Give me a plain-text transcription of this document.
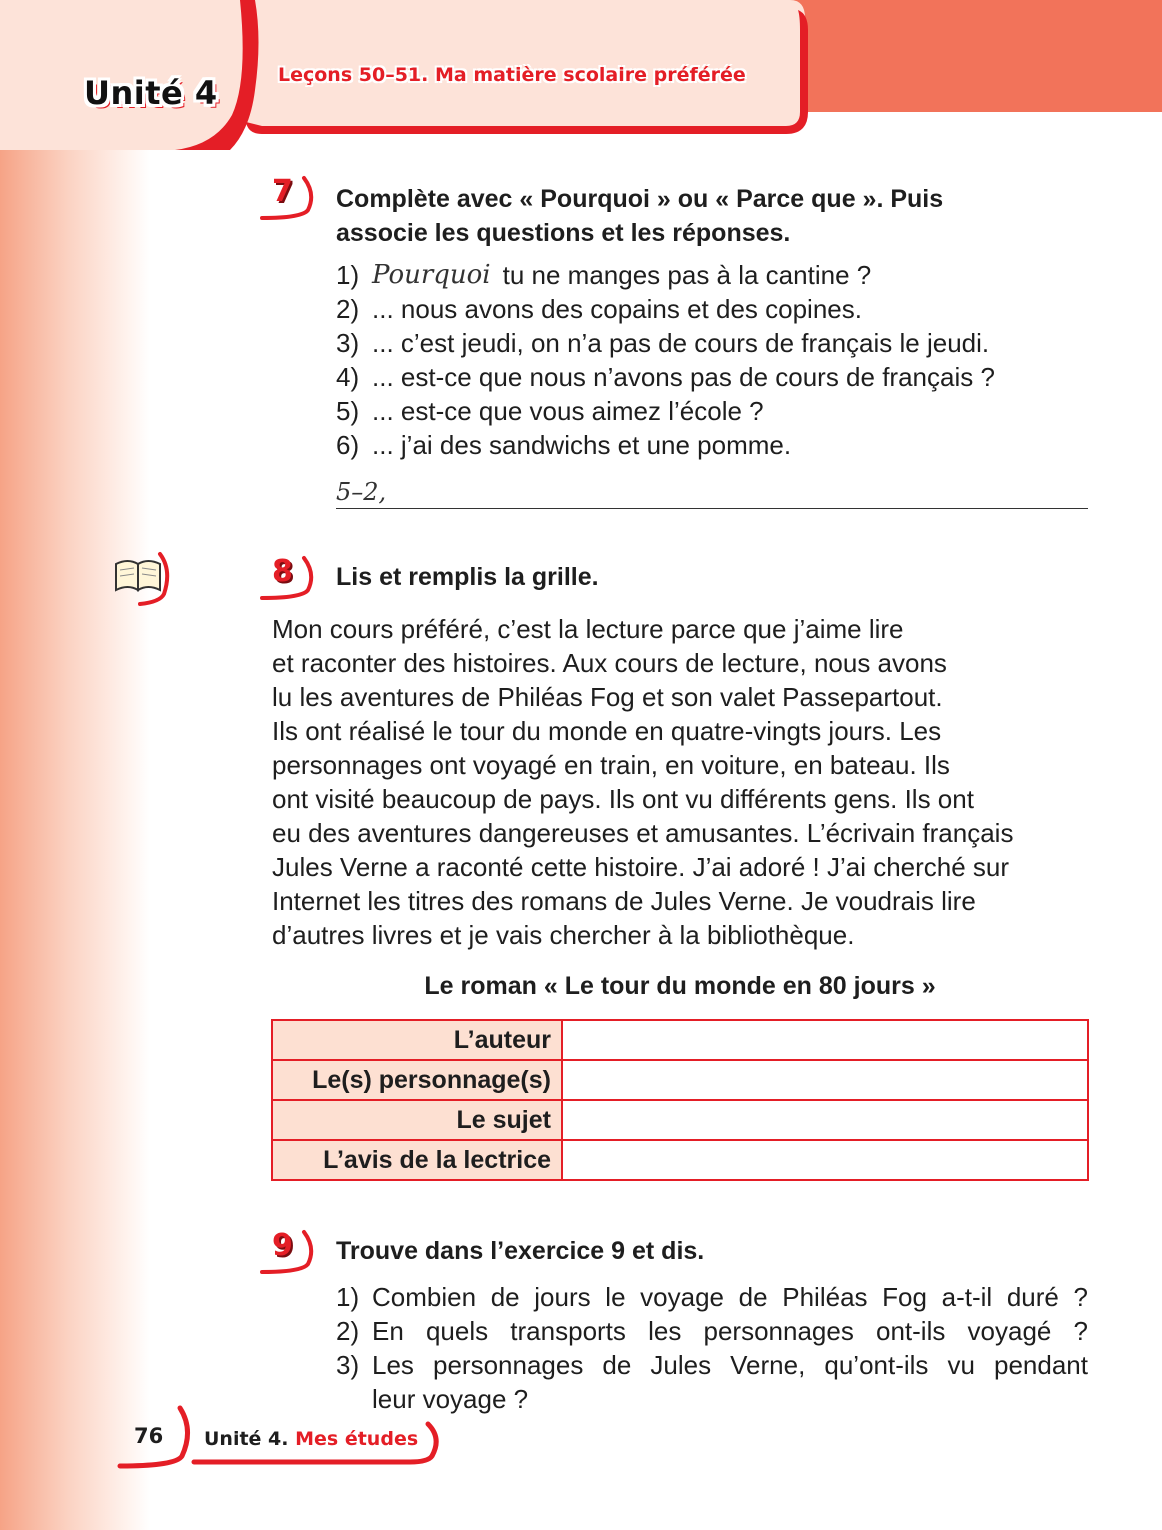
Unité 4	Leçons 50–51. Ma matière scolaire préférée
7 Complète avec « Pourquoi » ou « Parce que ». Puis
associe les questions et les réponses.
1) Pourquoi tu ne manges pas à la cantine ?
2) ... nous avons des copains et des copines.
3) ... c’est jeudi, on n’a pas de cours de français le jeudi.
4) ... est-ce que nous n’avons pas de cours de français ?
5) ... est-ce que vous aimez l’école ?
6) ... j’ai des sandwichs et une pomme.
5–2,
8 Lis et remplis la grille.

Mon cours préféré, c’est la lecture parce que j’aime lire

et raconter des histoires. Aux cours de lecture, nous avons

lu les aventures de Philéas Fog et son valet Passepartout.

Ils ont réalisé le tour du monde en quatre-vingts jours. Les

personnages ont voyagé en train, en voiture, en bateau. Ils

ont visité beaucoup de pays. Ils ont vu différents gens. Ils ont

eu des aventures dangereuses et amusantes. L’écrivain français

Jules Verne a raconté cette histoire. J’ai adoré ! J’ai cherché sur

Internet les titres des romans de Jules Verne. Je voudrais lire

d’autres livres et je vais chercher à la bibliothèque.

Le roman « Le tour du monde en 80 jours »
L’auteur	
Le(s) personnage(s)	
Le sujet	
L’avis de la lectrice	
9 Trouve dans l’exercice 9 et dis.
1) Combien de jours le voyage de Philéas Fog a-t-il duré ?
2) En quels transports les personnages ont-ils voyagé ?
3) Les personnages de Jules Verne, qu’ont-ils vu pendant
leur voyage ?
76 Unité 4. Mes études
